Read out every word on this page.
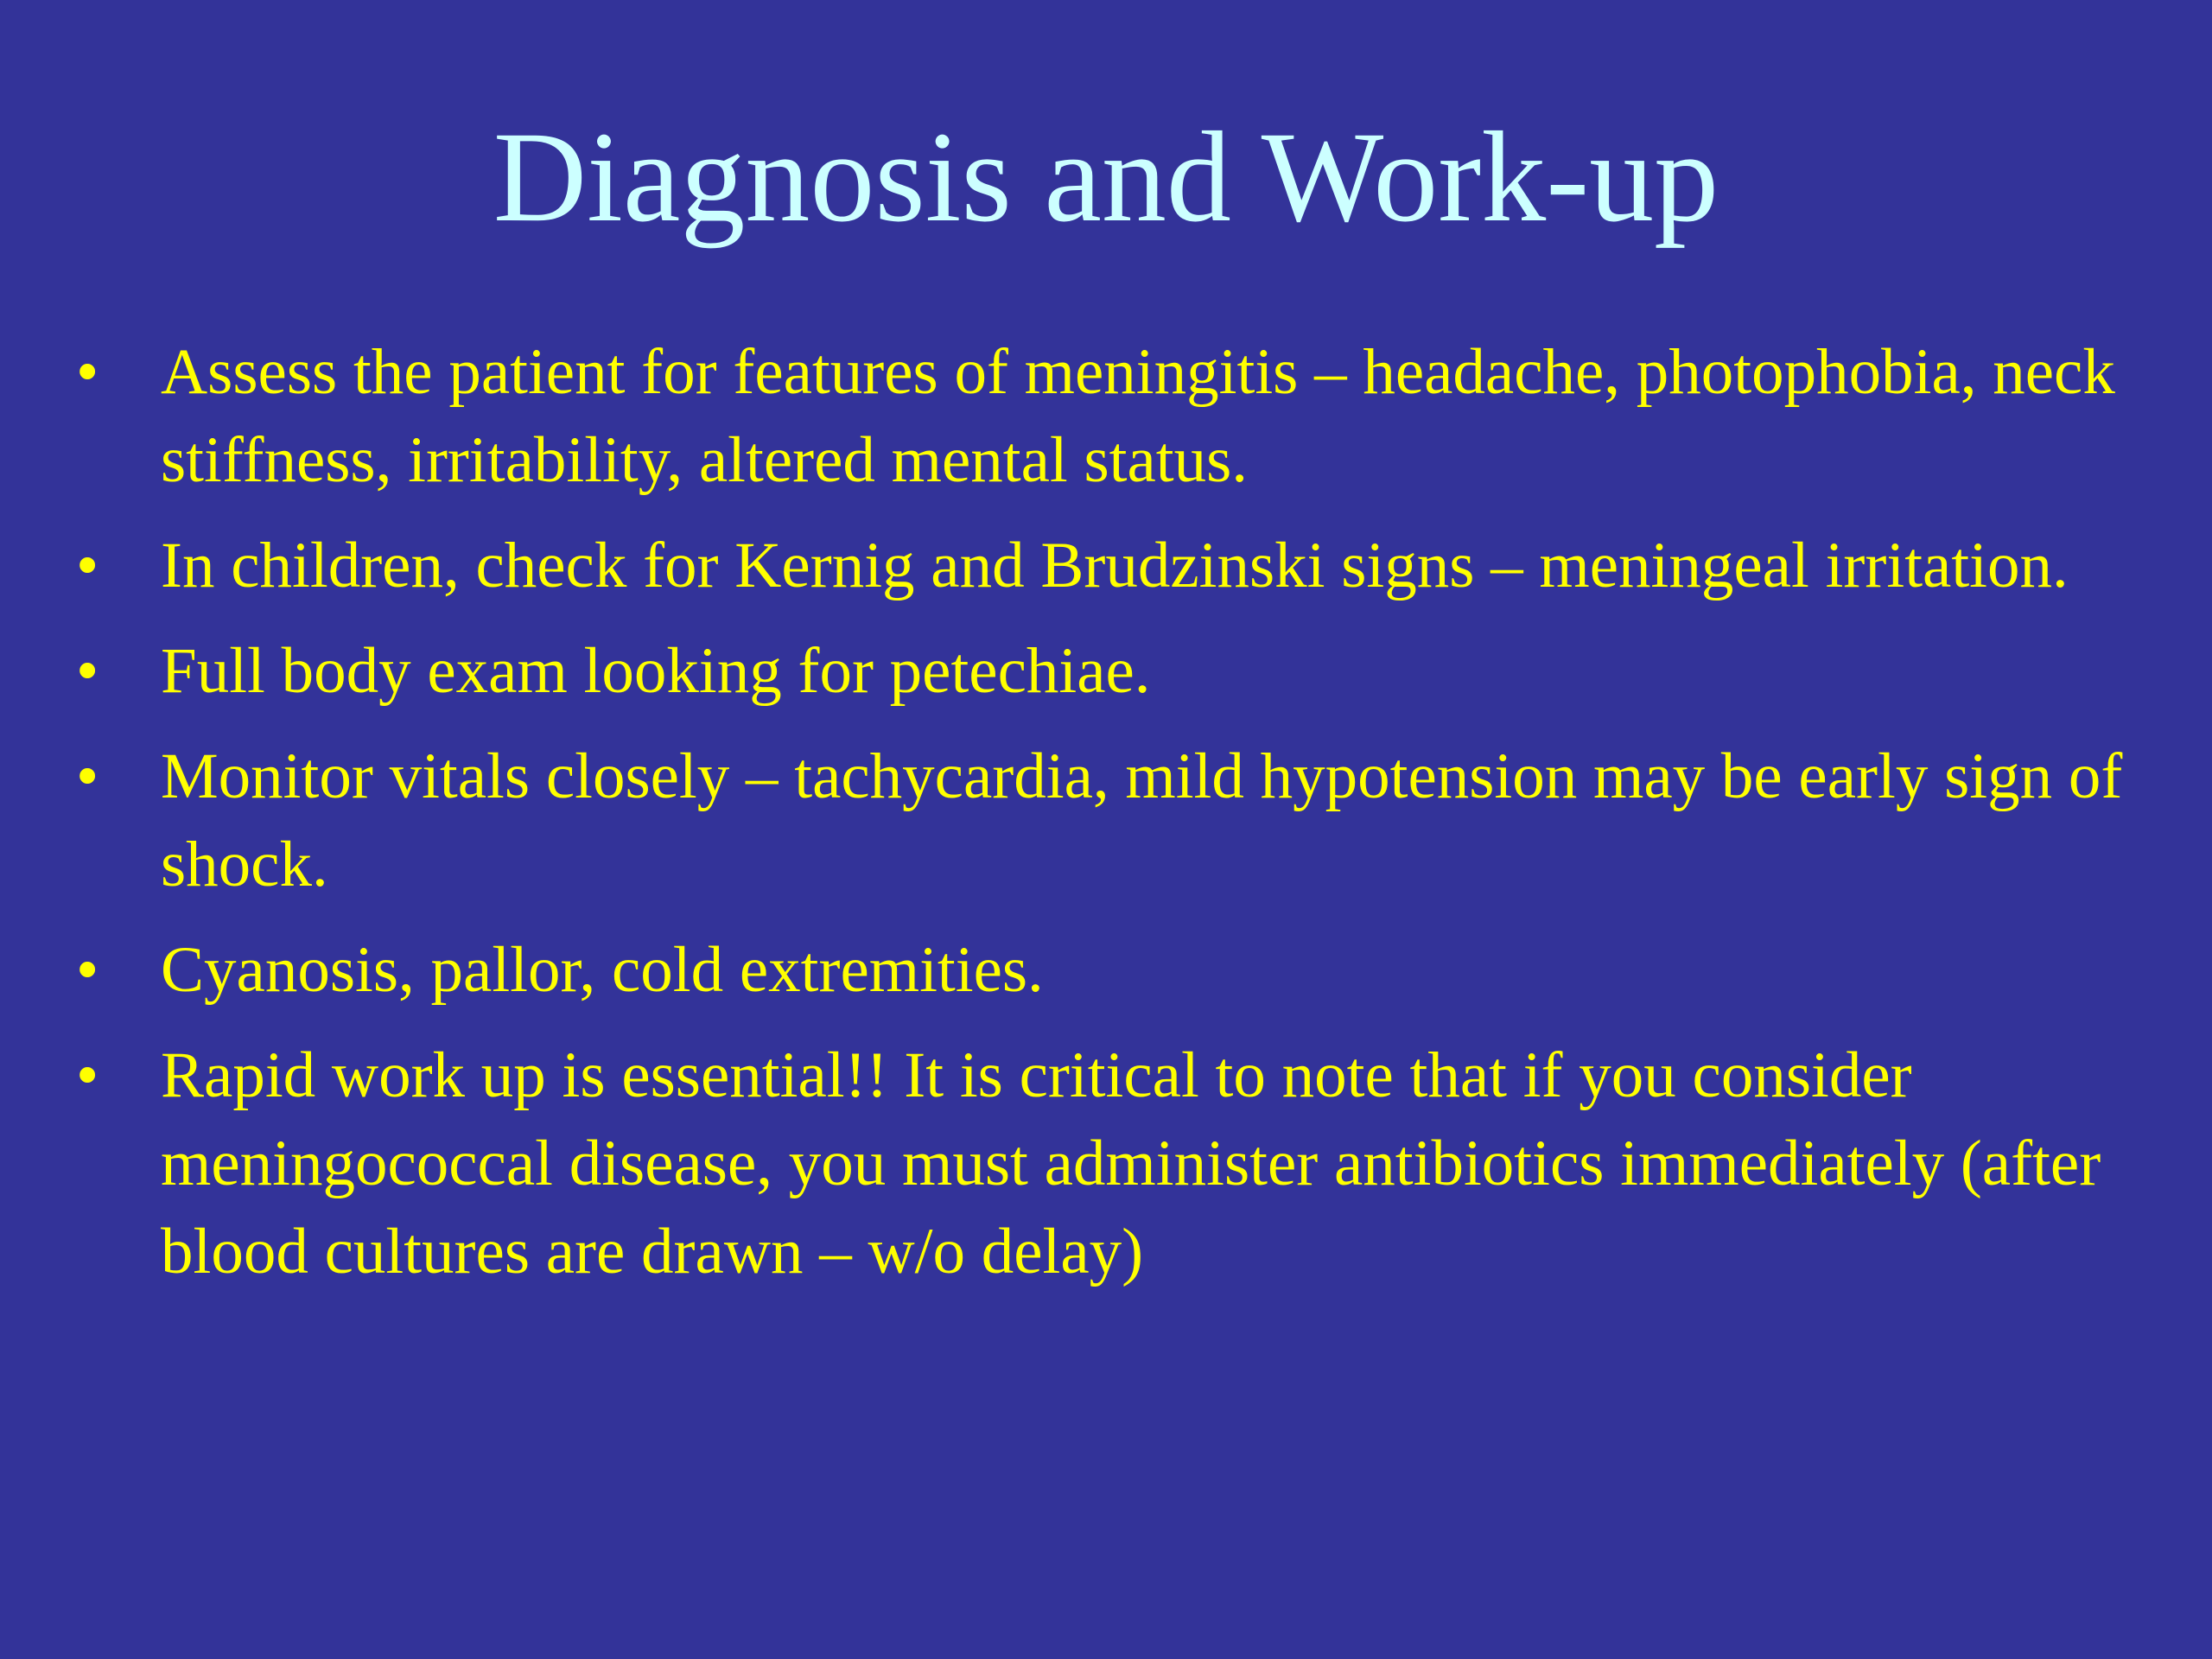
Diagnosis and Work-up
• Assess the patient for features of meningitis – headache, photophobia, neck stiffness, irritability, altered mental status.
• In children, check for Kernig and Brudzinski signs – meningeal irritation.
• Full body exam looking for petechiae.
• Monitor vitals closely – tachycardia, mild hypotension may be early sign of shock.
• Cyanosis, pallor, cold extremities.
• Rapid work up is essential!! It is critical to note that if you consider meningococcal disease, you must administer antibiotics immediately (after blood cultures are drawn – w/o delay)
